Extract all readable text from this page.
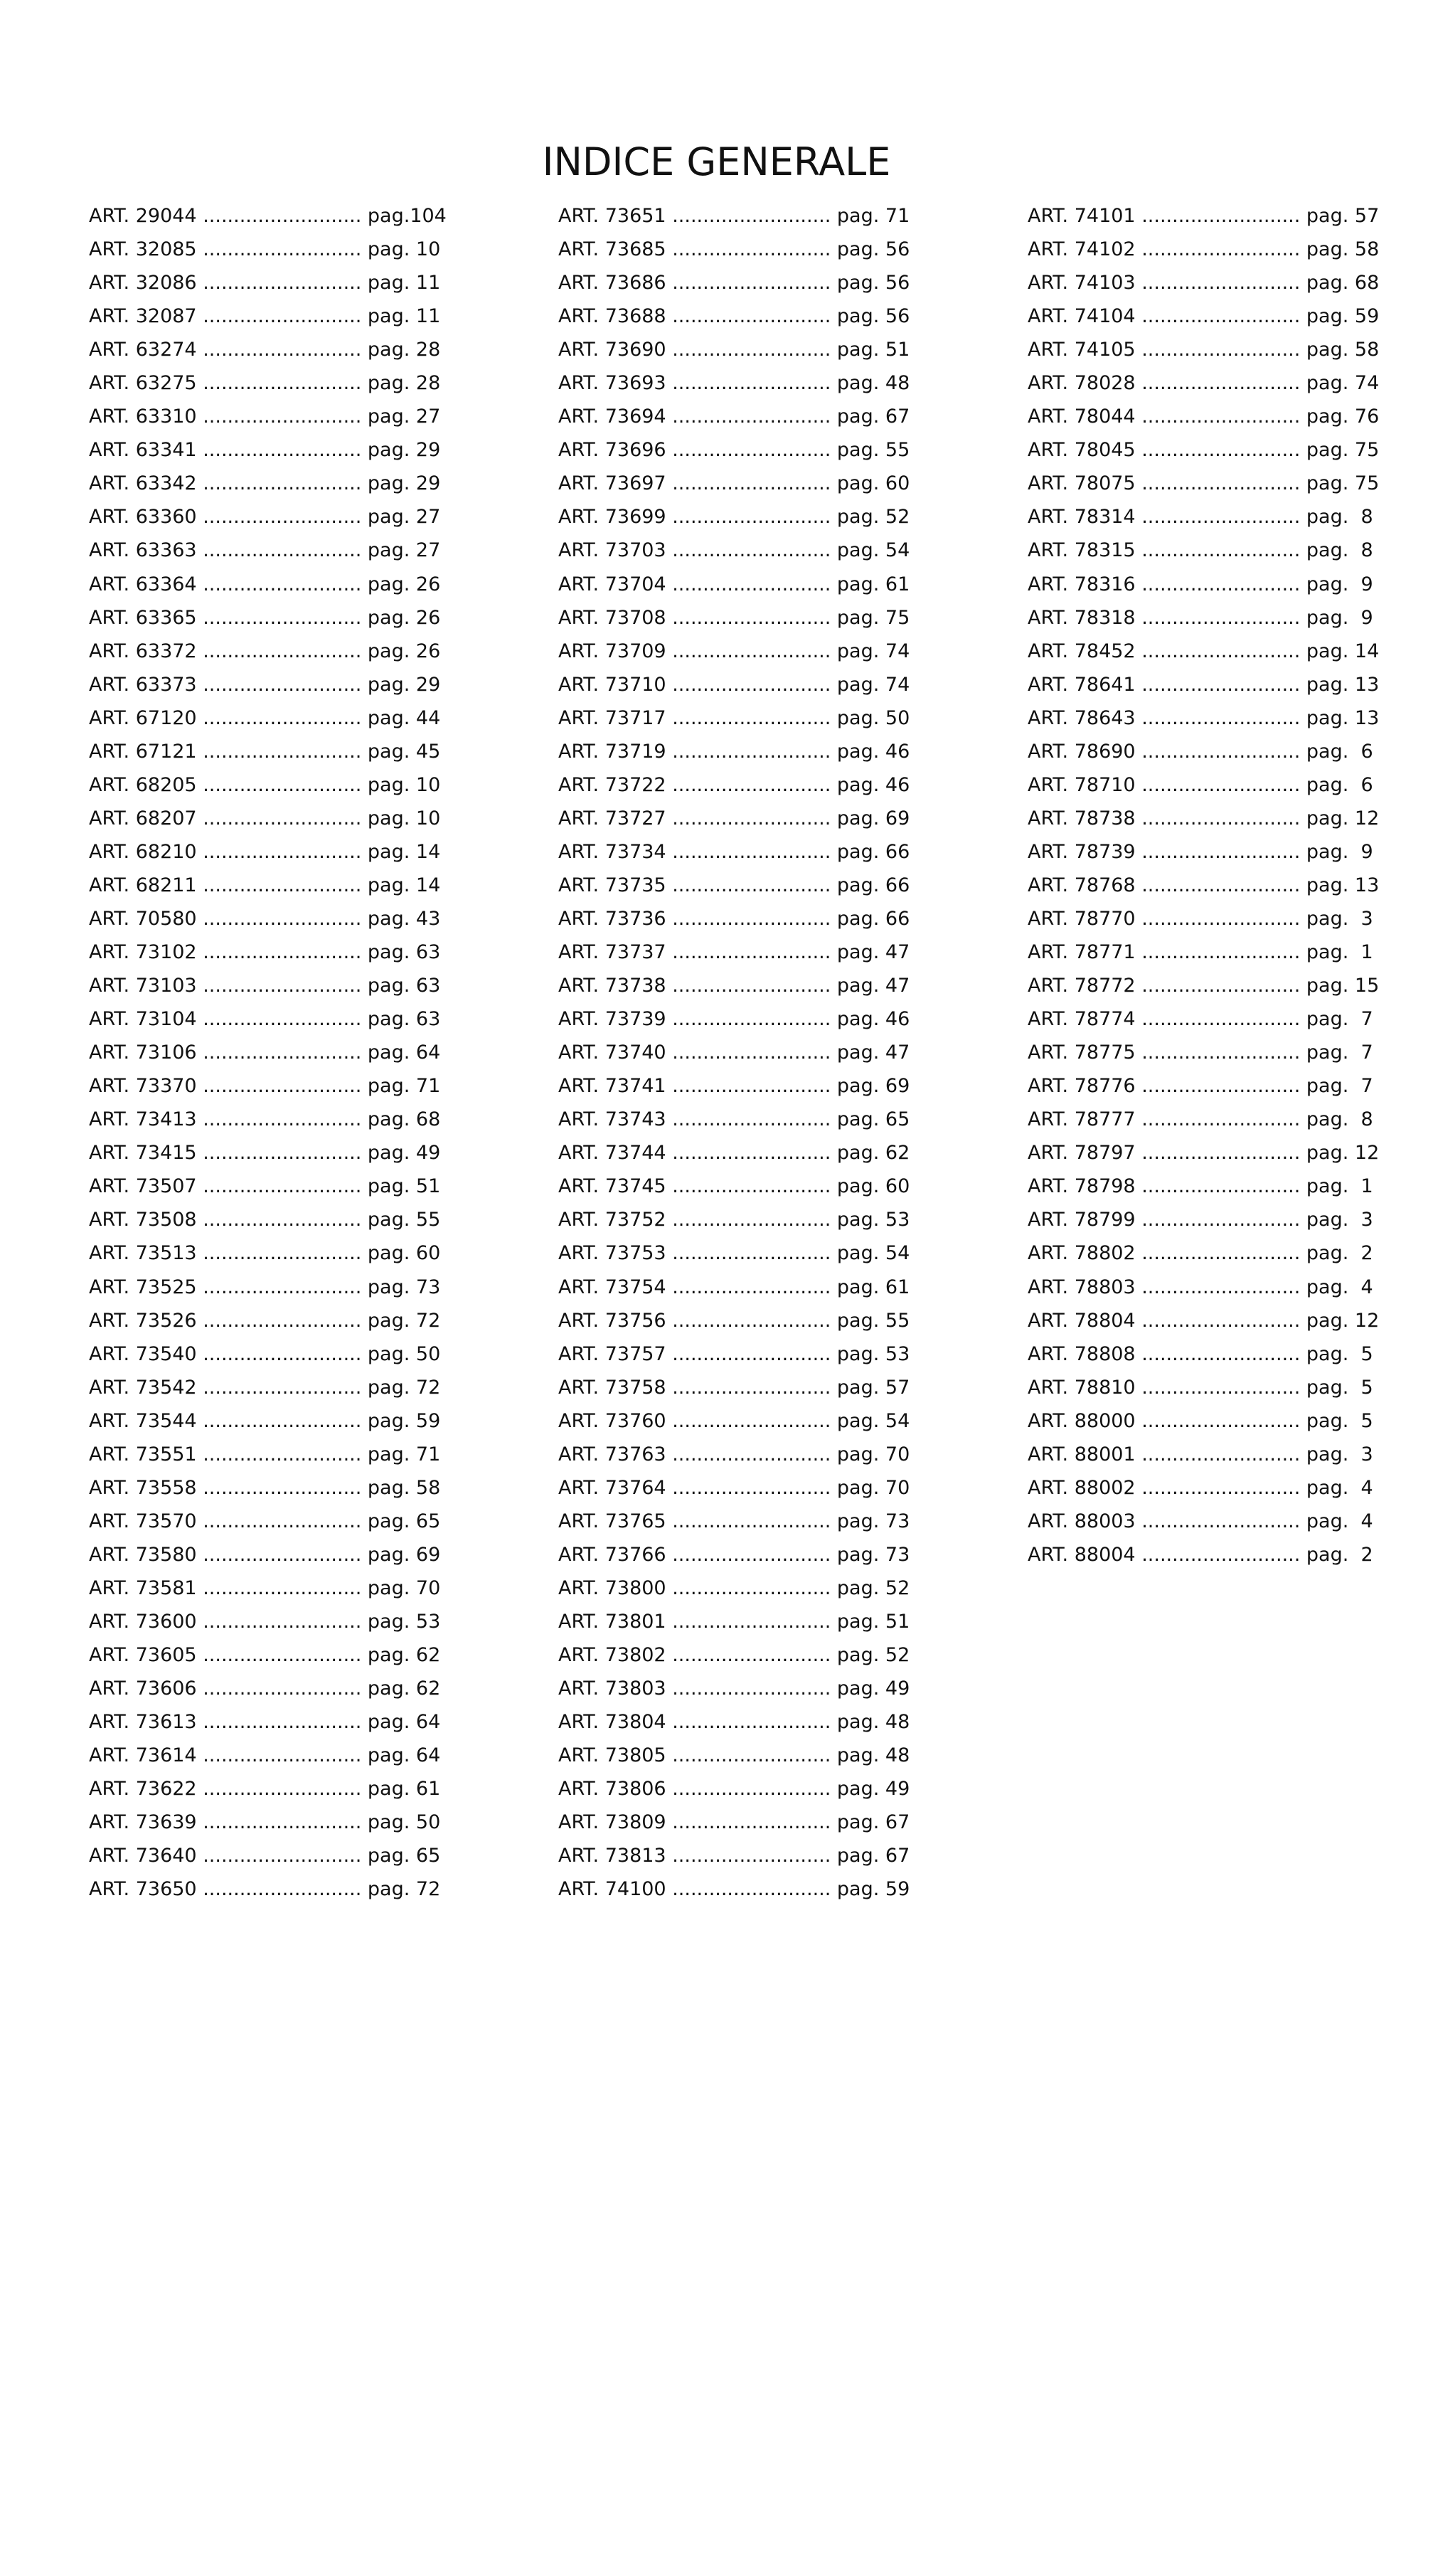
INDICE GENERALE
ART. 29044 .......................... pag.104
ART. 32085 .......................... pag. 10
ART. 32086 .......................... pag. 11
ART. 32087 .......................... pag. 11
ART. 63274 .......................... pag. 28
ART. 63275 .......................... pag. 28
ART. 63310 .......................... pag. 27
ART. 63341 .......................... pag. 29
ART. 63342 .......................... pag. 29
ART. 63360 .......................... pag. 27
ART. 63363 .......................... pag. 27
ART. 63364 .......................... pag. 26
ART. 63365 .......................... pag. 26
ART. 63372 .......................... pag. 26
ART. 63373 .......................... pag. 29
ART. 67120 .......................... pag. 44
ART. 67121 .......................... pag. 45
ART. 68205 .......................... pag. 10
ART. 68207 .......................... pag. 10
ART. 68210 .......................... pag. 14
ART. 68211 .......................... pag. 14
ART. 70580 .......................... pag. 43
ART. 73102 .......................... pag. 63
ART. 73103 .......................... pag. 63
ART. 73104 .......................... pag. 63
ART. 73106 .......................... pag. 64
ART. 73370 .......................... pag. 71
ART. 73413 .......................... pag. 68
ART. 73415 .......................... pag. 49
ART. 73507 .......................... pag. 51
ART. 73508 .......................... pag. 55
ART. 73513 .......................... pag. 60
ART. 73525 .......................... pag. 73
ART. 73526 .......................... pag. 72
ART. 73540 .......................... pag. 50
ART. 73542 .......................... pag. 72
ART. 73544 .......................... pag. 59
ART. 73551 .......................... pag. 71
ART. 73558 .......................... pag. 58
ART. 73570 .......................... pag. 65
ART. 73580 .......................... pag. 69
ART. 73581 .......................... pag. 70
ART. 73600 .......................... pag. 53
ART. 73605 .......................... pag. 62
ART. 73606 .......................... pag. 62
ART. 73613 .......................... pag. 64
ART. 73614 .......................... pag. 64
ART. 73622 .......................... pag. 61
ART. 73639 .......................... pag. 50
ART. 73640 .......................... pag. 65
ART. 73650 .......................... pag. 72
ART. 73651 .......................... pag. 71
ART. 73685 .......................... pag. 56
ART. 73686 .......................... pag. 56
ART. 73688 .......................... pag. 56
ART. 73690 .......................... pag. 51
ART. 73693 .......................... pag. 48
ART. 73694 .......................... pag. 67
ART. 73696 .......................... pag. 55
ART. 73697 .......................... pag. 60
ART. 73699 .......................... pag. 52
ART. 73703 .......................... pag. 54
ART. 73704 .......................... pag. 61
ART. 73708 .......................... pag. 75
ART. 73709 .......................... pag. 74
ART. 73710 .......................... pag. 74
ART. 73717 .......................... pag. 50
ART. 73719 .......................... pag. 46
ART. 73722 .......................... pag. 46
ART. 73727 .......................... pag. 69
ART. 73734 .......................... pag. 66
ART. 73735 .......................... pag. 66
ART. 73736 .......................... pag. 66
ART. 73737 .......................... pag. 47
ART. 73738 .......................... pag. 47
ART. 73739 .......................... pag. 46
ART. 73740 .......................... pag. 47
ART. 73741 .......................... pag. 69
ART. 73743 .......................... pag. 65
ART. 73744 .......................... pag. 62
ART. 73745 .......................... pag. 60
ART. 73752 .......................... pag. 53
ART. 73753 .......................... pag. 54
ART. 73754 .......................... pag. 61
ART. 73756 .......................... pag. 55
ART. 73757 .......................... pag. 53
ART. 73758 .......................... pag. 57
ART. 73760 .......................... pag. 54
ART. 73763 .......................... pag. 70
ART. 73764 .......................... pag. 70
ART. 73765 .......................... pag. 73
ART. 73766 .......................... pag. 73
ART. 73800 .......................... pag. 52
ART. 73801 .......................... pag. 51
ART. 73802 .......................... pag. 52
ART. 73803 .......................... pag. 49
ART. 73804 .......................... pag. 48
ART. 73805 .......................... pag. 48
ART. 73806 .......................... pag. 49
ART. 73809 .......................... pag. 67
ART. 73813 .......................... pag. 67
ART. 74100 .......................... pag. 59
ART. 74101 .......................... pag. 57
ART. 74102 .......................... pag. 58
ART. 74103 .......................... pag. 68
ART. 74104 .......................... pag. 59
ART. 74105 .......................... pag. 58
ART. 78028 .......................... pag. 74
ART. 78044 .......................... pag. 76
ART. 78045 .......................... pag. 75
ART. 78075 .......................... pag. 75
ART. 78314 .......................... pag.  8
ART. 78315 .......................... pag.  8
ART. 78316 .......................... pag.  9
ART. 78318 .......................... pag.  9
ART. 78452 .......................... pag. 14
ART. 78641 .......................... pag. 13
ART. 78643 .......................... pag. 13
ART. 78690 .......................... pag.  6
ART. 78710 .......................... pag.  6
ART. 78738 .......................... pag. 12
ART. 78739 .......................... pag.  9
ART. 78768 .......................... pag. 13
ART. 78770 .......................... pag.  3
ART. 78771 .......................... pag.  1
ART. 78772 .......................... pag. 15
ART. 78774 .......................... pag.  7
ART. 78775 .......................... pag.  7
ART. 78776 .......................... pag.  7
ART. 78777 .......................... pag.  8
ART. 78797 .......................... pag. 12
ART. 78798 .......................... pag.  1
ART. 78799 .......................... pag.  3
ART. 78802 .......................... pag.  2
ART. 78803 .......................... pag.  4
ART. 78804 .......................... pag. 12
ART. 78808 .......................... pag.  5
ART. 78810 .......................... pag.  5
ART. 88000 .......................... pag.  5
ART. 88001 .......................... pag.  3
ART. 88002 .......................... pag.  4
ART. 88003 .......................... pag.  4
ART. 88004 .......................... pag.  2
